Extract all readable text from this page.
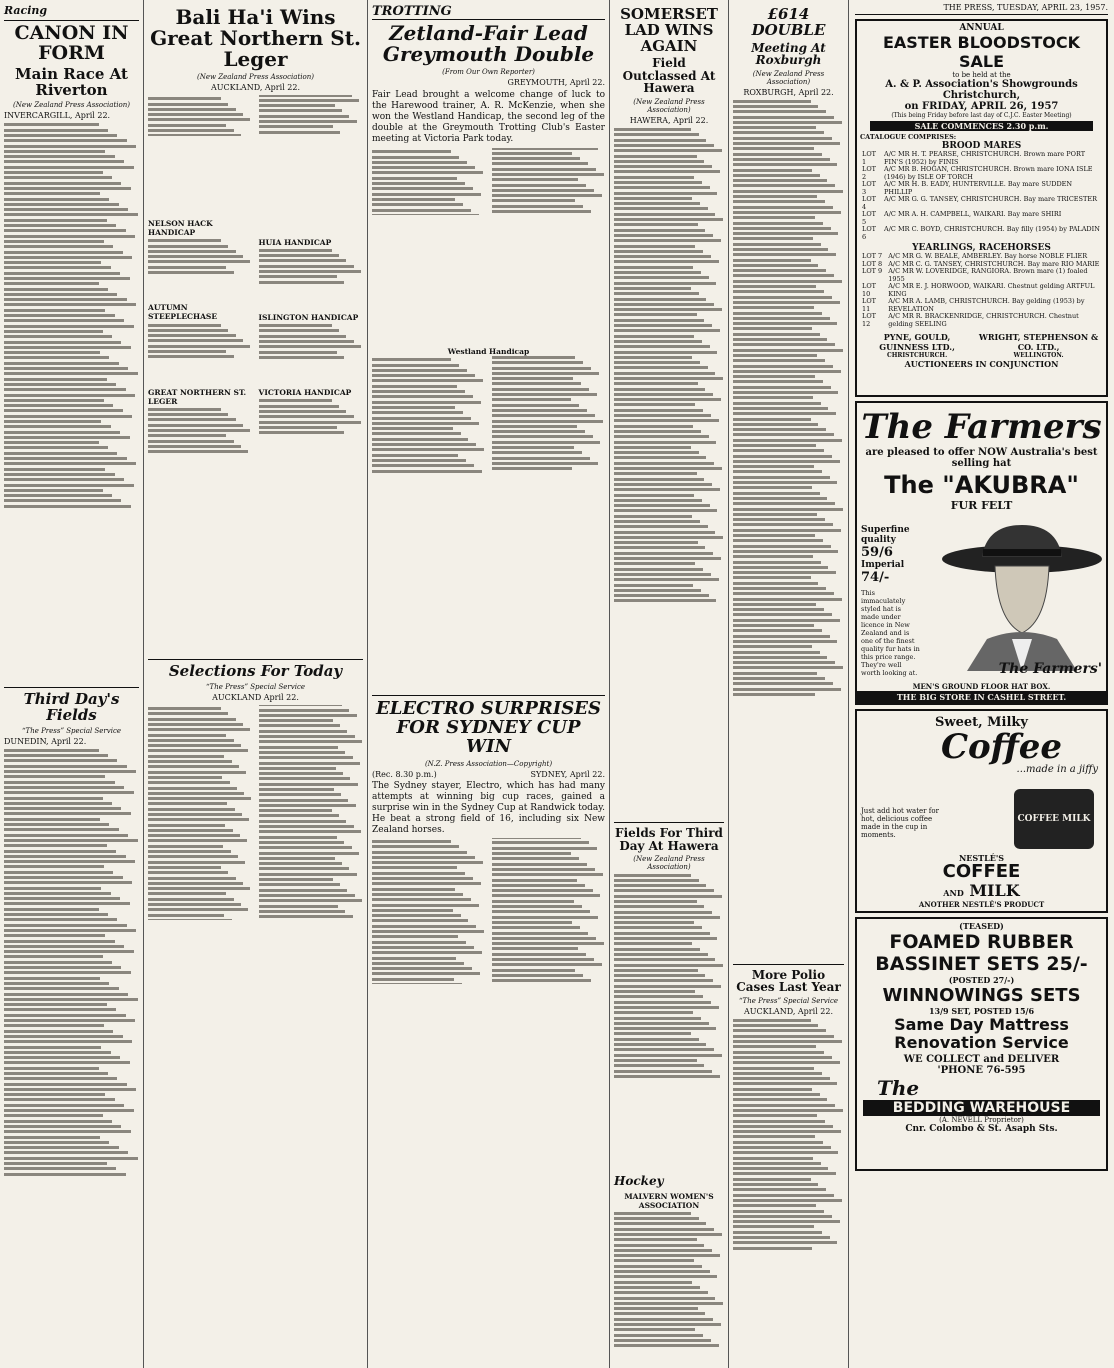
Racing
CANON IN FORM
Main Race At Riverton
(New Zealand Press Association)
INVERCARGILL, April 22.
Third Day's Fields
“The Press” Special Service
DUNEDIN, April 22.
Bali Ha'i Wins Great Northern St. Leger
(New Zealand Press Association)
AUCKLAND, April 22.
NELSON HACK HANDICAP
AUTUMN STEEPLECHASE
GREAT NORTHERN ST. LEGER
HUIA HANDICAP
ISLINGTON HANDICAP
VICTORIA HANDICAP
Selections For Today
“The Press” Special Service
AUCKLAND April 22.
TROTTING
Zetland-Fair Lead Greymouth Double
(From Our Own Reporter)
GREYMOUTH, April 22.
Fair Lead brought a welcome change of luck to the Harewood trainer, A. R. McKenzie, when she won the Westland Handicap, the second leg of the double at the Greymouth Trotting Club's Easter meeting at Victoria Park today.
Westland Handicap
ELECTRO SURPRISES FOR SYDNEY CUP WIN
(N.Z. Press Association—Copyright)
(Rec. 8.30 p.m.)	SYDNEY, April 22.
The Sydney stayer, Electro, which has had many attempts at winning big cup races, gained a surprise win in the Sydney Cup at Randwick today. He beat a strong field of 16, including six New Zealand horses.
SOMERSET LAD WINS AGAIN
Field Outclassed At Hawera
(New Zealand Press Association)
HAWERA, April 22.
Fields For Third Day At Hawera
(New Zealand Press Association)
Hockey
MALVERN WOMEN'S ASSOCIATION
£614 DOUBLE
Meeting At Roxburgh
(New Zealand Press Association)
ROXBURGH, April 22.
More Polio Cases Last Year
“The Press” Special Service
AUCKLAND, April 22.
THE PRESS, TUESDAY, APRIL 23, 1957.
ANNUAL
EASTER BLOODSTOCK SALE
to be held at the
A. & P. Association's Showgrounds
Christchurch,
on FRIDAY, APRIL 26, 1957
(This being Friday before last day of C.J.C. Easter Meeting)
SALE COMMENCES 2.30 p.m.
CATALOGUE COMPRISES:
BROOD MARES
LOT 1	A/C MR H. T. PEARSE, CHRISTCHURCH. Brown mare PORT FIN'S (1952) by FINIS
LOT 2	A/C MR B. HOGAN, CHRISTCHURCH. Brown mare IONA ISLE (1946) by ISLE OF TORCH
LOT 3	A/C MR H. B. EADY, HUNTERVILLE. Bay mare SUDDEN PHILLIP
LOT 4	A/C MR G. G. TANSEY, CHRISTCHURCH. Bay mare TRICESTER
LOT 5	A/C MR A. H. CAMPBELL, WAIKARI. Bay mare SHIRI
LOT 6	A/C MR C. BOYD, CHRISTCHURCH. Bay filly (1954) by PALADIN
YEARLINGS, RACEHORSES
LOT 7	A/C MR G. W. BEALE, AMBERLEY. Bay horse NOBLE FLIER
LOT 8	A/C MR C. G. TANSEY, CHRISTCHURCH. Bay mare RIO MARIE
LOT 9	A/C MR W. LOVERIDGE, RANGIORA. Brown mare (1) foaled 1955
LOT 10	A/C MR E. J. HORWOOD, WAIKARI. Chestnut gelding ARTFUL KING
LOT 11	A/C MR A. LAMB, CHRISTCHURCH. Bay gelding (1953) by REVELATION
LOT 12	A/C MR R. BRACKENRIDGE, CHRISTCHURCH. Chestnut gelding SEELING
PYNE, GOULD, GUINNESS LTD.,
CHRISTCHURCH.
WRIGHT, STEPHENSON & CO. LTD.,
WELLINGTON.
AUCTIONEERS IN CONJUNCTION
The Farmers
are pleased to offer NOW Australia's best selling hat
The "AKUBRA"
FUR FELT
Superfine quality
59/6
Imperial
74/-
This immaculately styled hat is made under licence in New Zealand and is one of the finest quality fur hats in this price range. They're well worth looking at.	The Farmers'
MEN'S GROUND FLOOR HAT BOX.
THE BIG STORE IN CASHEL STREET.
Sweet, Milky
Coffee
...made in a jiffy
Just add hot water for hot, delicious coffee made in the cup in moments.
COFFEE MILK
NESTLÉ'S
COFFEE
AND MILK
ANOTHER NESTLÉ'S PRODUCT
(TEASED)
FOAMED RUBBER
BASSINET SETS 25/-
(POSTED 27/-)
WINNOWINGS SETS
13/9 SET, POSTED 15/6
Same Day Mattress Renovation Service
WE COLLECT and DELIVER
'PHONE 76-595
The
BEDDING WAREHOUSE
(A. NEVELL Proprietor)
Cnr. Colombo & St. Asaph Sts.
